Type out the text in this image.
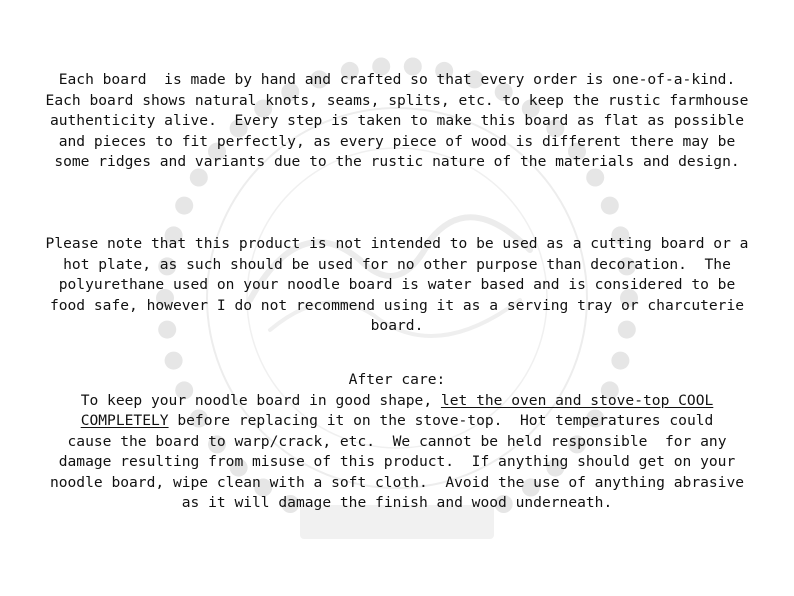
Each board  is made by hand and crafted so that every order is one-of-a-kind.
Each board shows natural knots, seams, splits, etc. to keep the rustic farmhouse
authenticity alive.  Every step is taken to make this board as flat as possible
and pieces to fit perfectly, as every piece of wood is different there may be
some ridges and variants due to the rustic nature of the materials and design.
Please note that this product is not intended to be used as a cutting board or a
hot plate, as such should be used for no other purpose than decoration.  The
polyurethane used on your noodle board is water based and is considered to be
food safe, however I do not recommend using it as a serving tray or charcuterie
board.
After care:
To keep your noodle board in good shape, let the oven and stove-top COOL
COMPLETELY before replacing it on the stove-top.  Hot temperatures could
cause the board to warp/crack, etc.  We cannot be held responsible  for any
damage resulting from misuse of this product.  If anything should get on your
noodle board, wipe clean with a soft cloth.  Avoid the use of anything abrasive
as it will damage the finish and wood underneath.
